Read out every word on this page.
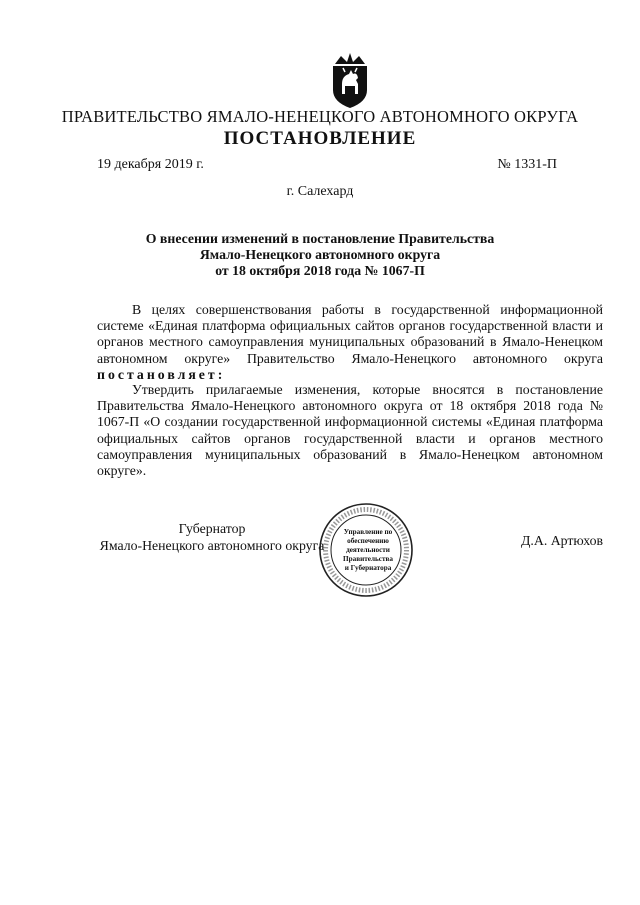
ПРАВИТЕЛЬСТВО ЯМАЛО-НЕНЕЦКОГО АВТОНОМНОГО ОКРУГА
ПОСТАНОВЛЕНИЕ
19 декабря 2019 г.	№ 1331-П
г. Салехард
О внесении изменений в постановление Правительства
Ямало-Ненецкого автономного округа
от 18 октября 2018 года № 1067-П
В целях совершенствования работы в государственной информационной системе «Единая платформа официальных сайтов органов государственной власти и органов местного самоуправления муниципальных образований в Ямало-Ненецком автономном округе» Правительство Ямало-Ненецкого автономного округа постановляет:
Утвердить прилагаемые изменения, которые вносятся в постановление Правительства Ямало-Ненецкого автономного округа от 18 октября 2018 года № 1067-П «О создании государственной информационной системы «Единая платформа официальных сайтов органов государственной власти и органов местного самоуправления муниципальных образований в Ямало-Ненецком автономном округе».
Губернатор
Ямало-Ненецкого автономного округа
Управление по
обеспечению
деятельности
Правительства
и Губернатора
Д.А. Артюхов
